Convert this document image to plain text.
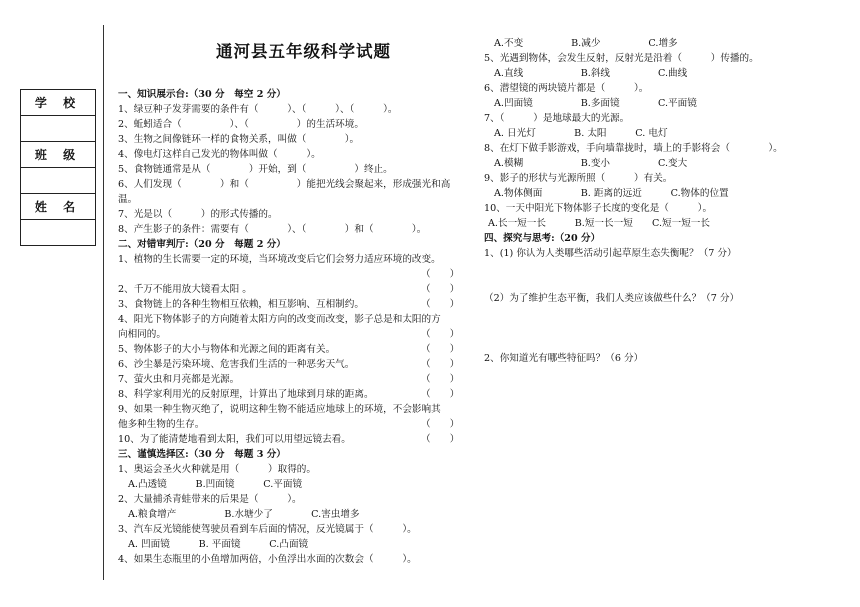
学 校

班 级

姓 名

通河县五年级科学试题
一、知识展示台:（30 分　每空 2 分）
1、绿豆种子发芽需要的条件有（　　　）、（　　　）、（　　　）。
2、蚯蚓适合（　　　　　）、（　　　　　）的生活环境。
3、生物之间像链环一样的食物关系，叫做（　　　　）。
4、像电灯这样自己发光的物体叫做（　　　）。
5、食物链通常是从（　　　　）开始，到（　　　　　）终止。
6、人们发现（　　　　）和（　　　　　）能把光线会聚起来，形成强光和高
温。
7、光是以（　　　）的形式传播的。
8、产生影子的条件：需要有（　　　　）、（　　　　）和（　　　　）。
二、对错审判厅:（20 分　每题 2 分）
1、植物的生长需要一定的环境，当环境改变后它们会努力适应环境的改变。
（　　）
2、千万不能用放大镜看太阳 。	（　　）
3、食物链上的各种生物相互依赖，相互影响、互相制约。	（　　）
4、阳光下物体影子的方向随着太阳方向的改变而改变，影子总是和太阳的方
向相同的。	（　　）
5、物体影子的大小与物体和光源之间的距离有关。	（　　）
6、沙尘暴是污染环境、危害我们生活的一种恶劣天气。	（　　）
7、萤火虫和月亮都是光源。	（　　）
8、科学家利用光的反射原理，计算出了地球到月球的距离。	（　　）
9、如果一种生物灭绝了，说明这种生物不能适应地球上的环境，不会影响其
他多种生物的生存。	（　　）
10、为了能清楚地看到太阳，我们可以用望远镜去看。	（　　）
三、谨慎选择区:（30 分　每题 3 分）
1、奥运会圣火火种就是用（　　　）取得的。
A.凸透镜　　　B.凹面镜　　　C.平面镜
2、大量捕杀青蛙带来的后果是（　　　）。
A.粮食增产　　　　　B.水塘少了　　　　C.害虫增多
3、汽车反光镜能使驾驶员看到车后面的情况，反光镜属于（　　　）。
A. 凹面镜　　　B. 平面镜　　　C.凸面镜
4、如果生态瓶里的小鱼增加两倍，小鱼浮出水面的次数会（　　　）。
A.不变　　　　　B.减少　　　　　C.增多
5、光遇到物体，会发生反射，反射光是沿着（　　　）传播的。
A.直线　　　　　　B.斜线　　　　　C.曲线
6、潜望镜的两块镜片都是（　　　）。
A.凹面镜　　　　　B.多面镜　　　　C.平面镜
7、（　　　）是地球最大的光源。
A. 日光灯　　　　B. 太阳　　　C. 电灯
8、在灯下做手影游戏，手向墙靠拢时，墙上的手影将会（　　　　）。
A.模糊　　　　　　B.变小　　　　　C.变大
9、影子的形状与光源所照（　　　）有关。
A.物体侧面　　　　B. 距离的远近　　　C.物体的位置
10、一天中阳光下物体影子长度的变化是（　　　）。
A.长一短一长　　　B.短一长一短　　C.短一短一长
四、探究与思考:（20 分）
1、(1) 你认为人类哪些活动引起草原生态失衡呢？（7 分）
（2）为了维护生态平衡，我们人类应该做些什么？（7 分）
2、你知道光有哪些特征吗？（6 分）
